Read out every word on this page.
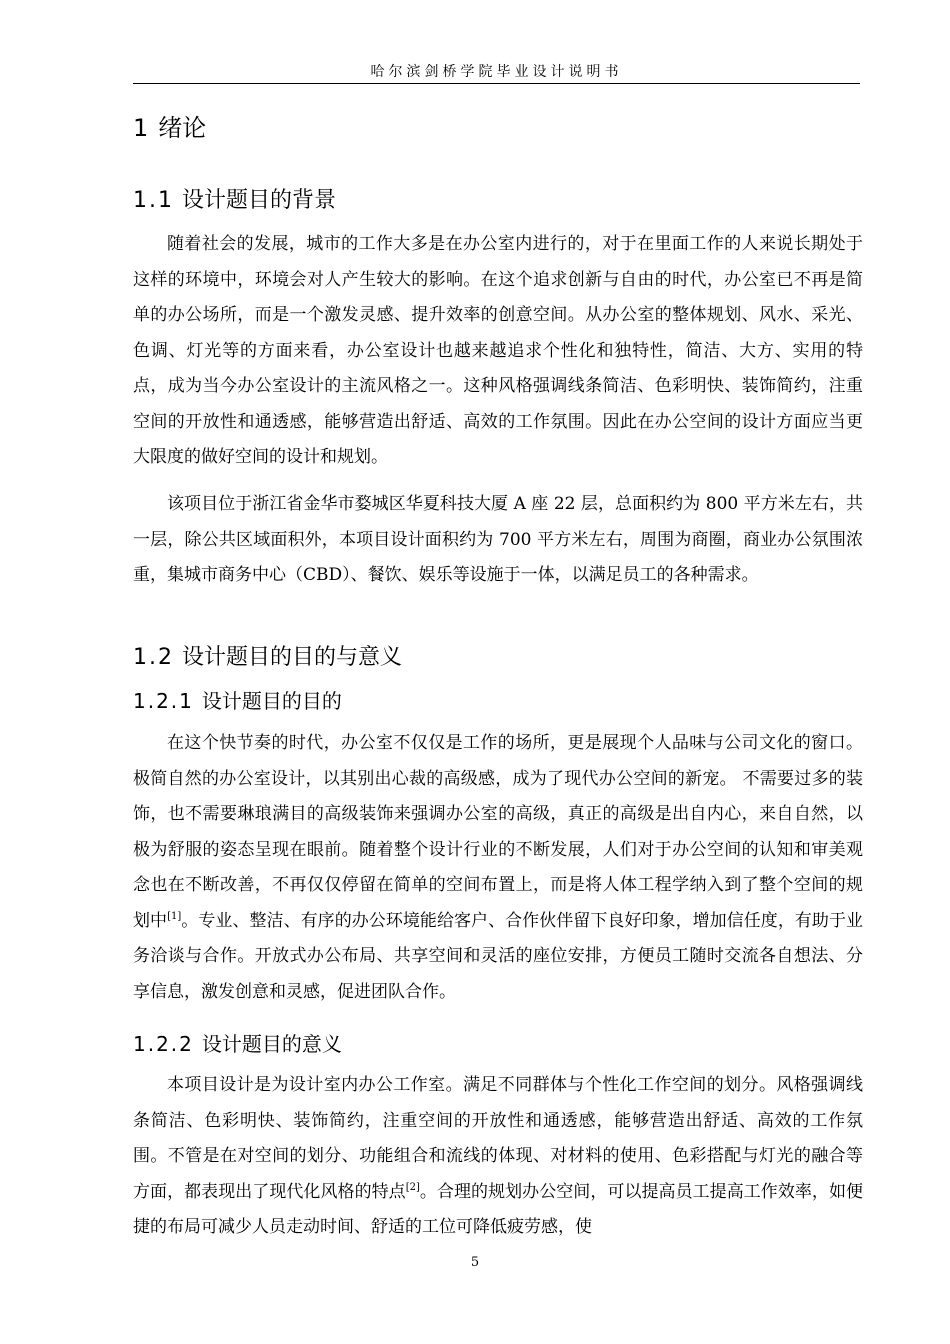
哈尔滨剑桥学院毕业设计说明书
1 绪论
1.1 设计题目的背景

随着社会的发展，城市的工作大多是在办公室内进行的，对于在里面工作的人来说长期处于这样的环境中，环境会对人产生较大的影响。在这个追求创新与自由的时代，办公室已不再是简单的办公场所，而是一个激发灵感、提升效率的创意空间。从办公室的整体规划、风水、采光、色调、灯光等的方面来看，办公室设计也越来越追求个性化和独特性，简洁、大方、实用的特点，成为当今办公室设计的主流风格之一。这种风格强调线条简洁、色彩明快、装饰简约，注重空间的开放性和通透感，能够营造出舒适、高效的工作氛围。因此在办公空间的设计方面应当更大限度的做好空间的设计和规划。

该项目位于浙江省金华市婺城区华夏科技大厦 A 座 22 层，总面积约为 800 平方米左右，共一层，除公共区域面积外，本项目设计面积约为 700 平方米左右，周围为商圈，商业办公氛围浓重，集城市商务中心（CBD）、餐饮、娱乐等设施于一体，以满足员工的各种需求。

1.2 设计题目的目的与意义
1.2.1 设计题目的目的

在这个快节奏的时代，办公室不仅仅是工作的场所，更是展现个人品味与公司文化的窗口。极简自然的办公室设计，以其别出心裁的高级感，成为了现代办公空间的新宠。 不需要过多的装饰，也不需要琳琅满目的高级装饰来强调办公室的高级，真正的高级是出自内心，来自自然，以极为舒服的姿态呈现在眼前。随着整个设计行业的不断发展，人们对于办公空间的认知和审美观念也在不断改善，不再仅仅停留在简单的空间布置上，而是将人体工程学纳入到了整个空间的规划中[1]。专业、整洁、有序的办公环境能给客户、合作伙伴留下良好印象，增加信任度，有助于业务洽谈与合作。开放式办公布局、共享空间和灵活的座位安排，方便员工随时交流各自想法、分享信息，激发创意和灵感，促进团队合作。

1.2.2 设计题目的意义

本项目设计是为设计室内办公工作室。满足不同群体与个性化工作空间的划分。风格强调线条简洁、色彩明快、装饰简约，注重空间的开放性和通透感，能够营造出舒适、高效的工作氛围。不管是在对空间的划分、功能组合和流线的体现、对材料的使用、色彩搭配与灯光的融合等方面，都表现出了现代化风格的特点[2]。合理的规划办公空间，可以提高员工提高工作效率，如便捷的布局可减少人员走动时间、舒适的工位可降低疲劳感，使

5
